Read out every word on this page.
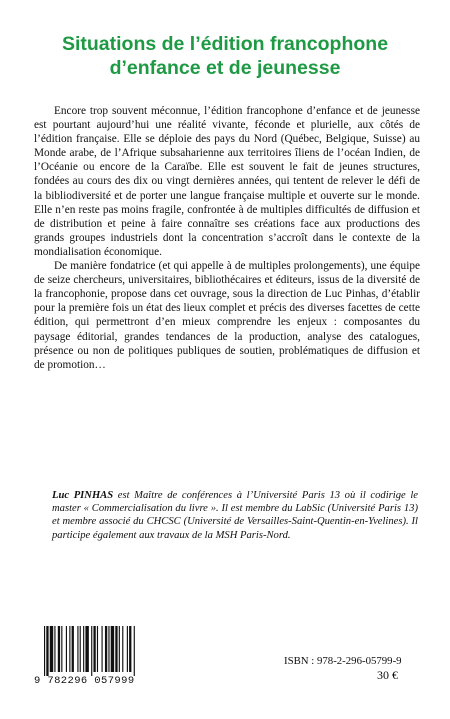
Situations de l’édition francophone
d’enfance et de jeunesse

Encore trop souvent méconnue, l’édition francophone d’enfance et de jeunesse est pourtant aujourd’hui une réalité vivante, féconde et plurielle, aux côtés de l’édition française. Elle se déploie des pays du Nord (Québec, Belgique, Suisse) au Monde arabe, de l’Afrique subsaharienne aux territoires îliens de l’océan Indien, de l’Océanie ou encore de la Caraïbe. Elle est souvent le fait de jeunes structures, fondées au cours des dix ou vingt dernières années, qui tentent de relever le défi de la bibliodiversité et de porter une langue française multiple et ouverte sur le monde. Elle n’en reste pas moins fragile, confrontée à de multiples difficultés de diffusion et de distribution et peine à faire connaître ses créations face aux productions des grands groupes industriels dont la concentration s’accroît dans le contexte de la mondialisation économique.

De manière fondatrice (et qui appelle à de multiples prolongements), une équipe de seize chercheurs, universitaires, bibliothécaires et éditeurs, issus de la diversité de la francophonie, propose dans cet ouvrage, sous la direction de Luc Pinhas, d’établir pour la première fois un état des lieux complet et précis des diverses facettes de cette édition, qui permettront d’en mieux comprendre les enjeux : composantes du paysage éditorial, grandes tendances de la production, analyse des catalogues, présence ou non de politiques publiques de soutien, problématiques de diffusion et de promotion…

Luc PINHAS est Maître de conférences à l’Université Paris 13 où il codirige le master « Commercialisation du livre ». Il est membre du LabSic (Université Paris 13) et membre associé du CHCSC (Université de Versailles-Saint-Quentin-en-Yvelines). Il participe également aux travaux de la MSH Paris-Nord.
9 782296 057999
ISBN : 978-2-296-05799-9
30 €
